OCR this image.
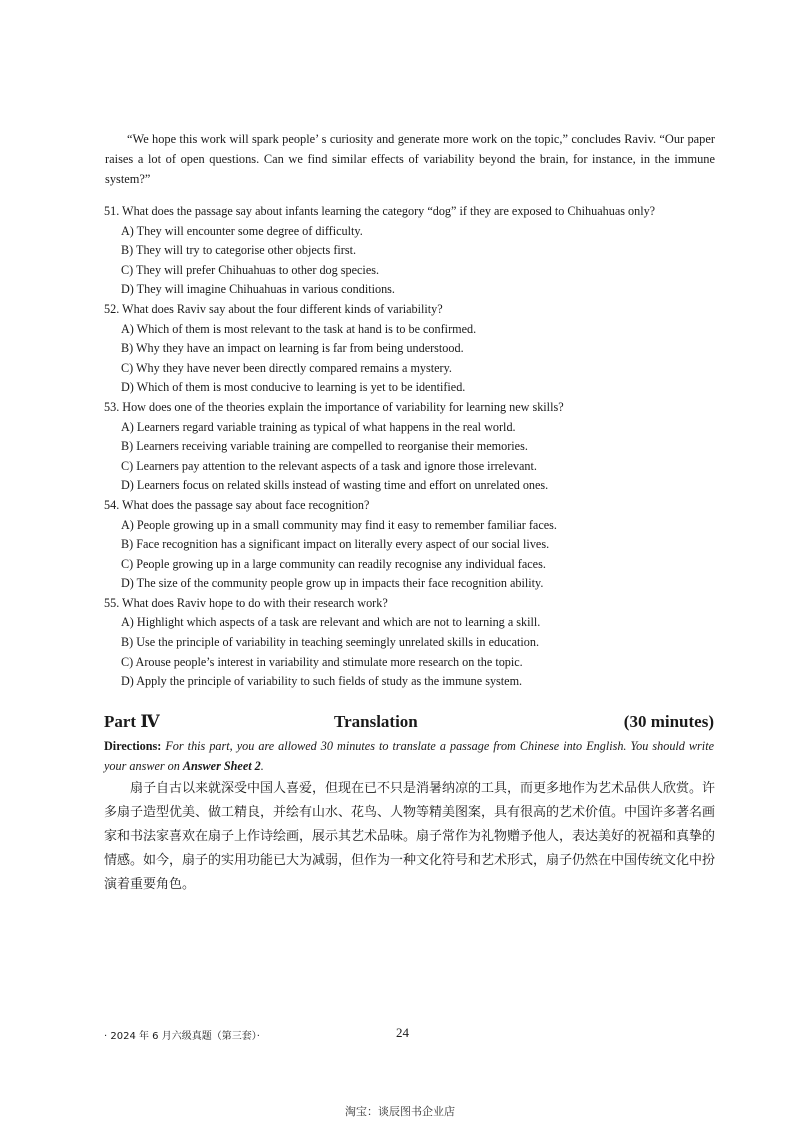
“We hope this work will spark people’ s curiosity and generate more work on the topic,” concludes Raviv. “Our paper raises a lot of open questions. Can we find similar effects of variability beyond the brain, for instance, in the immune system?”

51. What does the passage say about infants learning the category “dog” if they are exposed to Chihuahuas only?
A) They will encounter some degree of difficulty.
B) They will try to categorise other objects first.
C) They will prefer Chihuahuas to other dog species.
D) They will imagine Chihuahuas in various conditions.
52. What does Raviv say about the four different kinds of variability?
A) Which of them is most relevant to the task at hand is to be confirmed.
B) Why they have an impact on learning is far from being understood.
C) Why they have never been directly compared remains a mystery.
D) Which of them is most conducive to learning is yet to be identified.
53. How does one of the theories explain the importance of variability for learning new skills?
A) Learners regard variable training as typical of what happens in the real world.
B) Learners receiving variable training are compelled to reorganise their memories.
C) Learners pay attention to the relevant aspects of a task and ignore those irrelevant.
D) Learners focus on related skills instead of wasting time and effort on unrelated ones.
54. What does the passage say about face recognition?
A) People growing up in a small community may find it easy to remember familiar faces.
B) Face recognition has a significant impact on literally every aspect of our social lives.
C) People growing up in a large community can readily recognise any individual faces.
D) The size of the community people grow up in impacts their face recognition ability.
55. What does Raviv hope to do with their research work?
A) Highlight which aspects of a task are relevant and which are not to learning a skill.
B) Use the principle of variability in teaching seemingly unrelated skills in education.
C) Arouse people’s interest in variability and stimulate more research on the topic.
D) Apply the principle of variability to such fields of study as the immune system.
Part Ⅳ	Translation	(30 minutes)
Directions: For this part, you are allowed 30 minutes to translate a passage from Chinese into English. You should write your answer on Answer Sheet 2.

扇子自古以来就深受中国人喜爱，但现在已不只是消暑纳凉的工具，而更多地作为艺术品供人欣赏。许多扇子造型优美、做工精良，并绘有山水、花鸟、人物等精美图案，具有很高的艺术价值。中国许多著名画家和书法家喜欢在扇子上作诗绘画，展示其艺术品味。扇子常作为礼物赠予他人，表达美好的祝福和真挚的情感。如今，扇子的实用功能已大为减弱，但作为一种文化符号和艺术形式，扇子仍然在中国传统文化中扮演着重要角色。

· 2024 年 6 月六级真题（第三套）·	24
淘宝：谈辰图书企业店
